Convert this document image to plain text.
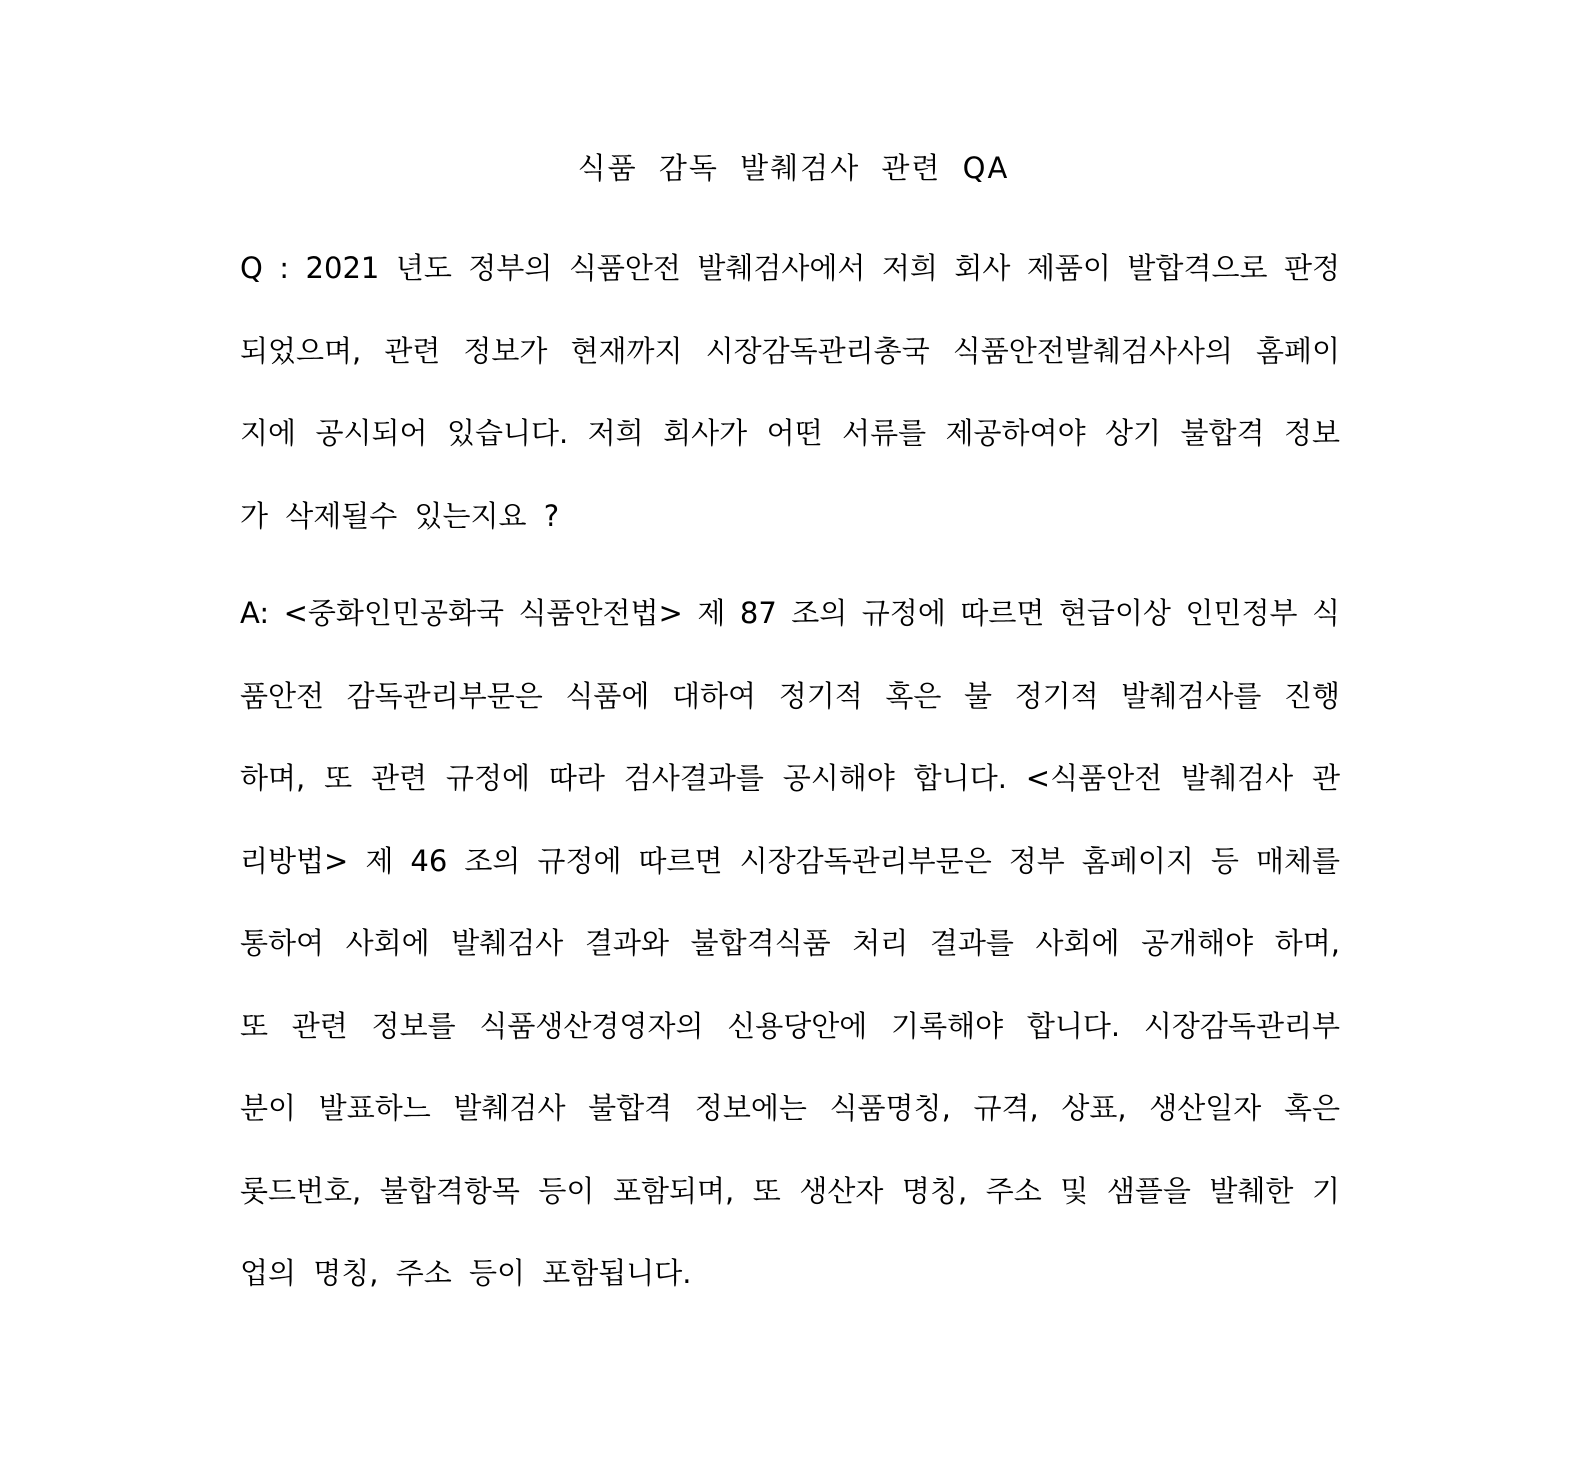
식품 감독 발췌검사 관련 QA
Q : 2021 년도 정부의 식품안전 발췌검사에서 저희 회사 제품이 발합격으로 판정
되었으며, 관련 정보가 현재까지 시장감독관리총국 식품안전발췌검사사의 홈페이
지에 공시되어 있습니다. 저희 회사가 어떤 서류를 제공하여야 상기 불합격 정보
가 삭제될수 있는지요 ?
A: <중화인민공화국 식품안전법> 제 87 조의 규정에 따르면 현급이상 인민정부 식
품안전 감독관리부문은 식품에 대하여 정기적 혹은 불 정기적 발췌검사를 진행
하며, 또 관련 규정에 따라 검사결과를 공시해야 합니다. <식품안전 발췌검사 관
리방법> 제 46 조의 규정에 따르면 시장감독관리부문은 정부 홈페이지 등 매체를
통하여 사회에 발췌검사 결과와 불합격식품 처리 결과를 사회에 공개해야 하며,
또 관련 정보를 식품생산경영자의 신용당안에 기록해야 합니다. 시장감독관리부
분이 발표하느 발췌검사 불합격 정보에는 식품명칭, 규격, 상표, 생산일자 혹은
롯드번호, 불합격항목 등이 포함되며, 또 생산자 명칭, 주소 및 샘플을 발췌한 기
업의 명칭, 주소 등이 포함됩니다.
